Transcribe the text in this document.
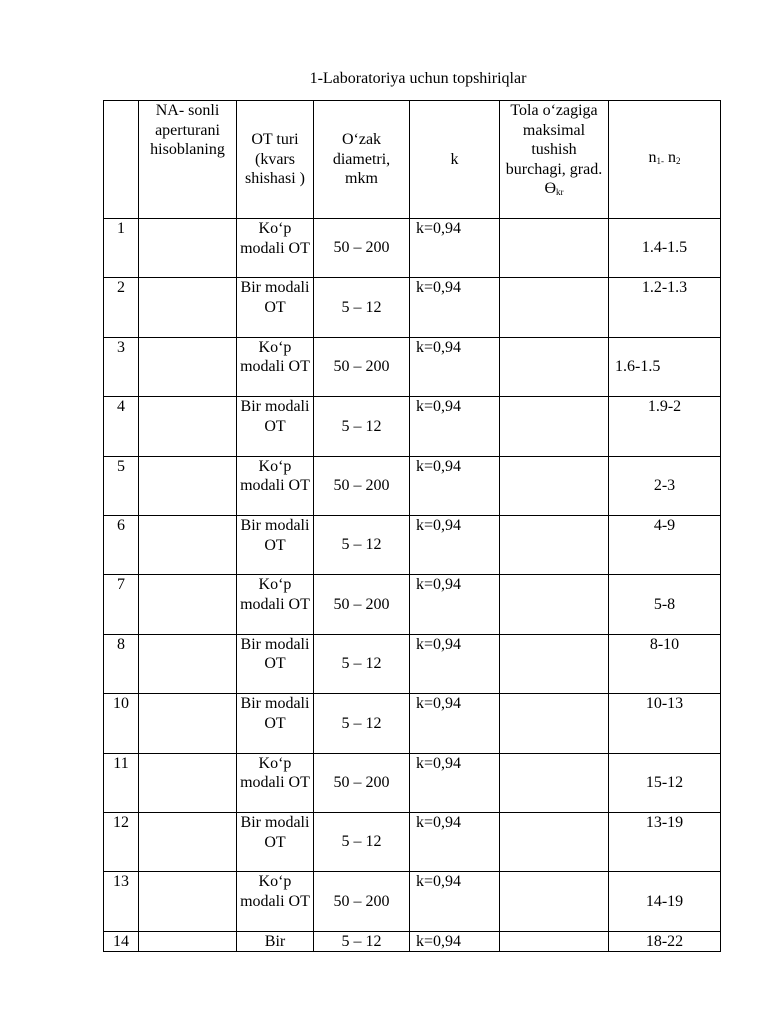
1-Laboratoriya uchun topshiriqlar
	NA- sonli aperturani hisoblaning	OT turi (kvars shishasi )	O‘zak diametri, mkm	k	Tola o‘zagiga maksimal tushish burchagi, grad. $ϴ_{kr}$	$n_{1-}$ $n_2$
1		Ko‘p modali OT	50 – 200	k=0,94		1.4-1.5
2		Bir modali OT	5 – 12	k=0,94		1.2-1.3
3		Ko‘p modali OT	50 – 200	k=0,94		1.6-1.5
4		Bir modali OT	5 – 12	k=0,94		1.9-2
5		Ko‘p modali OT	50 – 200	k=0,94		2-3
6		Bir modali OT	5 – 12	k=0,94		4-9
7		Ko‘p modali OT	50 – 200	k=0,94		5-8
8		Bir modali OT	5 – 12	k=0,94		8-10
10		Bir modali OT	5 – 12	k=0,94		10-13
11		Ko‘p modali OT	50 – 200	k=0,94		15-12
12		Bir modali OT	5 – 12	k=0,94		13-19
13		Ko‘p modali OT	50 – 200	k=0,94		14-19
14		Bir	5 – 12	k=0,94		18-22
